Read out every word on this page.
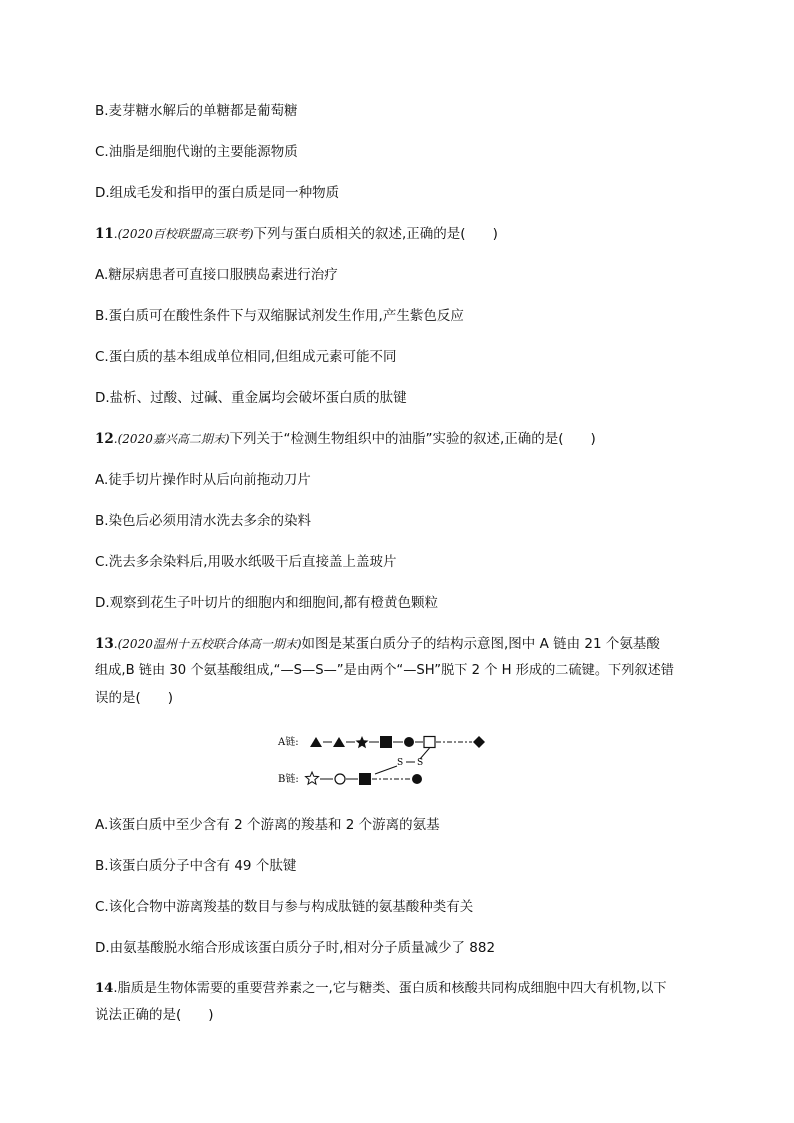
B.麦芽糖水解后的单糖都是葡萄糖
C.油脂是细胞代谢的主要能源物质
D.组成毛发和指甲的蛋白质是同一种物质
11.(2020百校联盟高三联考)下列与蛋白质相关的叙述,正确的是(　　)
A.糖尿病患者可直接口服胰岛素进行治疗
B.蛋白质可在酸性条件下与双缩脲试剂发生作用,产生紫色反应
C.蛋白质的基本组成单位相同,但组成元素可能不同
D.盐析、过酸、过碱、重金属均会破坏蛋白质的肽键
12.(2020嘉兴高二期末)下列关于“检测生物组织中的油脂”实验的叙述,正确的是(　　)
A.徒手切片操作时从后向前拖动刀片
B.染色后必须用清水洗去多余的染料
C.洗去多余染料后,用吸水纸吸干后直接盖上盖玻片
D.观察到花生子叶切片的细胞内和细胞间,都有橙黄色颗粒
13.(2020温州十五校联合体高一期末)如图是某蛋白质分子的结构示意图,图中 A 链由 21 个氨基酸
组成,B 链由 30 个氨基酸组成,“—S—S—”是由两个“—SH”脱下 2 个 H 形成的二硫键。下列叙述错
误的是(　　)
A链:
B链:
S S
A.该蛋白质中至少含有 2 个游离的羧基和 2 个游离的氨基
B.该蛋白质分子中含有 49 个肽键
C.该化合物中游离羧基的数目与参与构成肽链的氨基酸种类有关
D.由氨基酸脱水缩合形成该蛋白质分子时,相对分子质量减少了 882
14.脂质是生物体需要的重要营养素之一,它与糖类、蛋白质和核酸共同构成细胞中四大有机物,以下
说法正确的是(　　)
